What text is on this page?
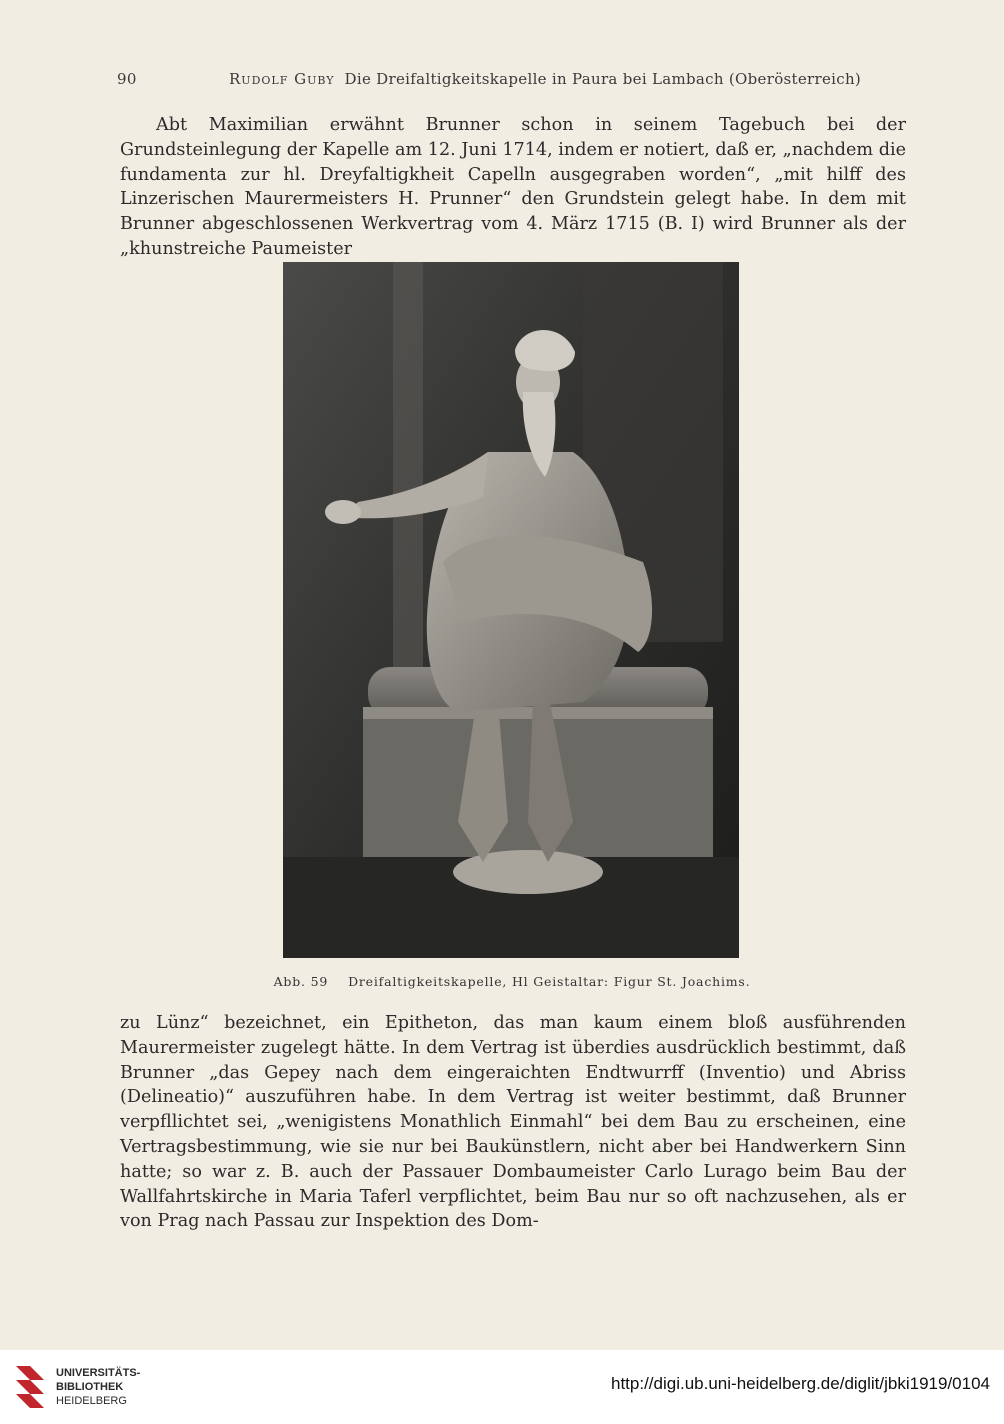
90	Rudolf Guby Die Dreifaltigkeitskapelle in Paura bei Lambach (Oberösterreich)

Abt Maximilian erwähnt Brunner schon in seinem Tagebuch bei der Grundsteinlegung der Kapelle am 12. Juni 1714, indem er notiert, daß er, „nachdem die fundamenta zur hl. Dreyfaltigkheit Capelln ausgegraben worden“, „mit hilff des Linzerischen Maurermeisters H. Prunner“ den Grundstein gelegt habe. In dem mit Brunner abgeschlossenen Werkvertrag vom 4. März 1715 (B. I) wird Brunner als der „khunstreiche Paumeister

Abb. 59 Dreifaltigkeitskapelle, Hl Geistaltar: Figur St. Joachims.

zu Lünz“ bezeichnet, ein Epitheton, das man kaum einem bloß ausführenden Maurermeister zugelegt hätte. In dem Vertrag ist überdies ausdrücklich bestimmt, daß Brunner „das Gepey nach dem eingeraichten Endtwurrff (Inventio) und Abriss (Delineatio)“ auszuführen habe. In dem Vertrag ist weiter bestimmt, daß Brunner verpfllichtet sei, „wenigistens Monathlich Einmahl“ bei dem Bau zu erscheinen, eine Vertragsbestimmung, wie sie nur bei Baukünstlern, nicht aber bei Handwerkern Sinn hatte; so war z. B. auch der Passauer Dombaumeister Carlo Lurago beim Bau der Wallfahrtskirche in Maria Taferl verpflichtet, beim Bau nur so oft nachzusehen, als er von Prag nach Passau zur Inspektion des Dom-

UNIVERSITÄTS-
BIBLIOTHEK
HEIDELBERG
http://digi.ub.uni-heidelberg.de/diglit/jbki1919/0104
